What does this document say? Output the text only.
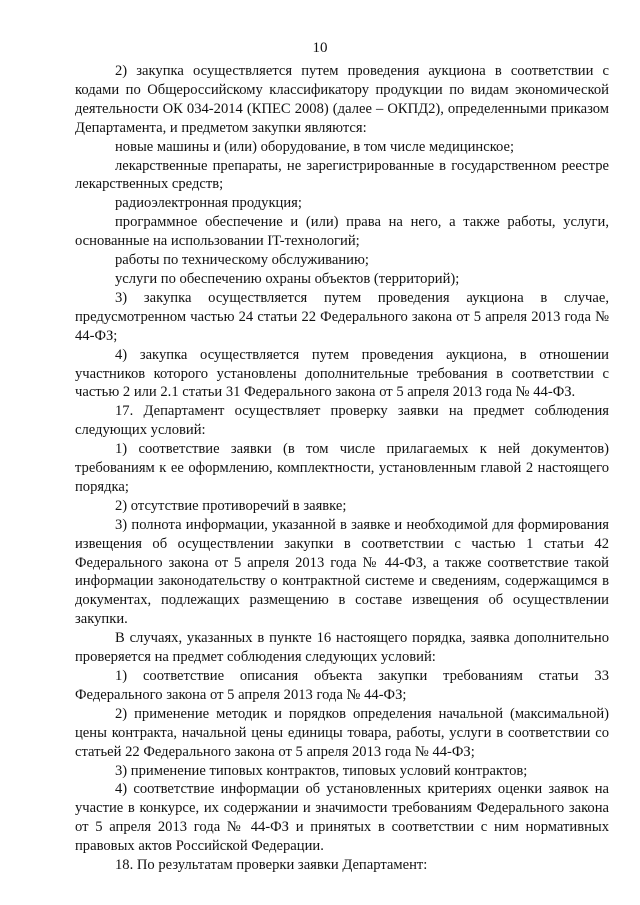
10

2) закупка осуществляется путем проведения аукциона в соответствии с кодами по Общероссийскому классификатору продукции по видам экономической деятельности ОК 034-2014 (КПЕС 2008) (далее – ОКПД2), определенными приказом Департамента, и предметом закупки являются:

новые машины и (или) оборудование, в том числе медицинское;

лекарственные препараты, не зарегистрированные в государственном реестре лекарственных средств;

радиоэлектронная продукция;

программное обеспечение и (или) права на него, а также работы, услуги, основанные на использовании IT-технологий;

работы по техническому обслуживанию;

услуги по обеспечению охраны объектов (территорий);

3) закупка осуществляется путем проведения аукциона в случае, предусмотренном частью 24 статьи 22 Федерального закона от 5 апреля 2013 года № 44-ФЗ;

4) закупка осуществляется путем проведения аукциона, в отношении участников которого установлены дополнительные требования в соответствии с частью 2 или 2.1 статьи 31 Федерального закона от 5 апреля 2013 года № 44-ФЗ.

17. Департамент осуществляет проверку заявки на предмет соблюдения следующих условий:

1) соответствие заявки (в том числе прилагаемых к ней документов) требованиям к ее оформлению, комплектности, установленным главой 2 настоящего порядка;

2) отсутствие противоречий в заявке;

3) полнота информации, указанной в заявке и необходимой для формирования извещения об осуществлении закупки в соответствии с частью 1 статьи 42 Федерального закона от 5 апреля 2013 года № 44-ФЗ, а также соответствие такой информации законодательству о контрактной системе и сведениям, содержащимся в документах, подлежащих размещению в составе извещения об осуществлении закупки.

В случаях, указанных в пункте 16 настоящего порядка, заявка дополнительно проверяется на предмет соблюдения следующих условий:

1) соответствие описания объекта закупки требованиям статьи 33 Федерального закона от 5 апреля 2013 года № 44-ФЗ;

2) применение методик и порядков определения начальной (максимальной) цены контракта, начальной цены единицы товара, работы, услуги в соответствии со статьей 22 Федерального закона от 5 апреля 2013 года № 44-ФЗ;

3) применение типовых контрактов, типовых условий контрактов;

4) соответствие информации об установленных критериях оценки заявок на участие в конкурсе, их содержании и значимости требованиям Федерального закона от 5 апреля 2013 года № 44-ФЗ и принятых в соответствии с ним нормативных правовых актов Российской Федерации.

18. По результатам проверки заявки Департамент:
